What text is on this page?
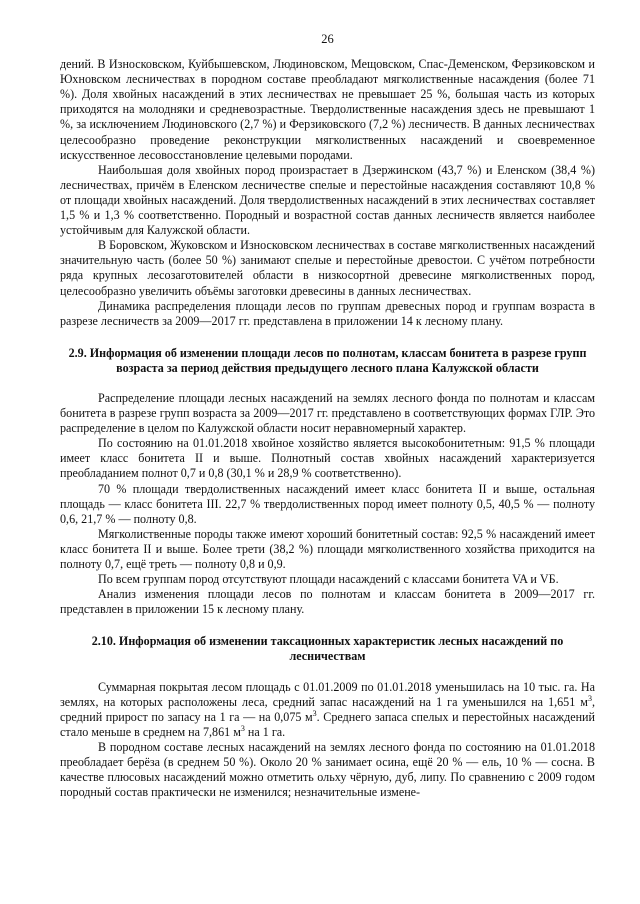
26

дений. В Износковском, Куйбышевском, Людиновском, Мещовском, Спас-Деменском, Ферзиковском и Юхновском лесничествах в породном составе преобладают мягколиственные насаждения (более 71 %). Доля хвойных насаждений в этих лесничествах не превышает 25 %, большая часть из которых приходятся на молодняки и средневозрастные. Твердолиственные насаждения здесь не превышают 1 %, за исключением Людиновского (2,7 %) и Ферзиковского (7,2 %) лесничеств. В данных лесничествах целесообразно проведение реконструкции мягколиственных насаждений и своевременное искусственное лесовосстановление целевыми породами.

Наибольшая доля хвойных пород произрастает в Дзержинском (43,7 %) и Еленском (38,4 %) лесничествах, причём в Еленском лесничестве спелые и перестойные насаждения составляют 10,8 % от площади хвойных насаждений. Доля твердолиственных насаждений в этих лесничествах составляет 1,5 % и 1,3 % соответственно. Породный и возрастной состав данных лесничеств является наиболее устойчивым для Калужской области.

В Боровском, Жуковском и Износковском лесничествах в составе мягколиственных насаждений значительную часть (более 50 %) занимают спелые и перестойные древостои. С учётом потребности ряда крупных лесозаготовителей области в низкосортной древесине мягколиственных пород, целесообразно увеличить объёмы заготовки древесины в данных лесничествах.

Динамика распределения площади лесов по группам древесных пород и группам возраста в разрезе лесничеств за 2009—2017 гг. представлена в приложении 14 к лесному плану.

2.9. Информация об изменении площади лесов по полнотам, классам бонитета в разрезе групп возраста за период действия предыдущего лесного плана Калужской области

Распределение площади лесных насаждений на землях лесного фонда по полнотам и классам бонитета в разрезе групп возраста за 2009—2017 гг. представлено в соответствующих формах ГЛР. Это распределение в целом по Калужской области носит неравномерный характер.

По состоянию на 01.01.2018 хвойное хозяйство является высокобонитетным: 91,5 % площади имеет класс бонитета II и выше. Полнотный состав хвойных насаждений характеризуется преобладанием полнот 0,7 и 0,8 (30,1 % и 28,9 % соответственно).

70 % площади твердолиственных насаждений имеет класс бонитета II и выше, остальная площадь — класс бонитета III. 22,7 % твердолиственных пород имеет полноту 0,5, 40,5 % — полноту 0,6, 21,7 % — полноту 0,8.

Мягколиственные породы также имеют хороший бонитетный состав: 92,5 % насаждений имеет класс бонитета II и выше. Более трети (38,2 %) площади мягколиственного хозяйства приходится на полноту 0,7, ещё треть — полноту 0,8 и 0,9.

По всем группам пород отсутствуют площади насаждений с классами бонитета VA и VБ.

Анализ изменения площади лесов по полнотам и классам бонитета в 2009—2017 гг. представлен в приложении 15 к лесному плану.

2.10. Информация об изменении таксационных характеристик лесных насаждений по лесничествам

Суммарная покрытая лесом площадь с 01.01.2009 по 01.01.2018 уменьшилась на 10 тыс. га. На землях, на которых расположены леса, средний запас насаждений на 1 га уменьшился на 1,651 $м^3$, средний прирост по запасу на 1 га — на 0,075 $м^3$. Среднего запаса спелых и перестойных насаждений стало меньше в среднем на 7,861 $м^3$ на 1 га.

В породном составе лесных насаждений на землях лесного фонда по состоянию на 01.01.2018 преобладает берёза (в среднем 50 %). Около 20 % занимает осина, ещё 20 % — ель, 10 % — сосна. В качестве плюсовых насаждений можно отметить ольху чёрную, дуб, липу. По сравнению с 2009 годом породный состав практически не изменился; незначительные измене-
